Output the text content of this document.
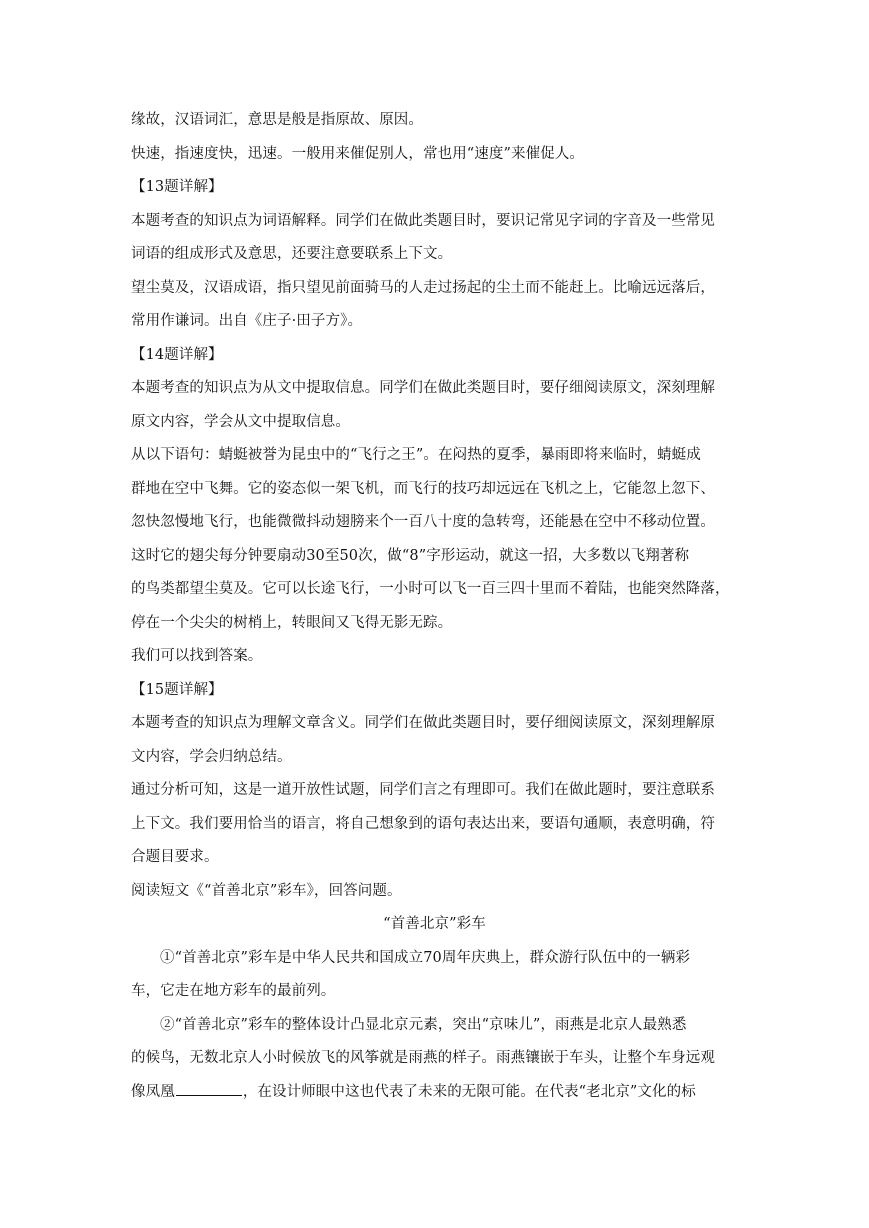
缘故，汉语词汇，意思是般是指原故、原因。
快速，指速度快，迅速。一般用来催促别人，常也用“速度”来催促人。
【13题详解】
本题考查的知识点为词语解释。同学们在做此类题目时，要识记常见字词的字音及一些常见
词语的组成形式及意思，还要注意要联系上下文。
望尘莫及，汉语成语，指只望见前面骑马的人走过扬起的尘土而不能赶上。比喻远远落后，
常用作谦词。出自《庄子·田子方》。
【14题详解】
本题考查的知识点为从文中提取信息。同学们在做此类题目时，要仔细阅读原文，深刻理解
原文内容，学会从文中提取信息。
从以下语句：蜻蜓被誉为昆虫中的“飞行之王”。在闷热的夏季，暴雨即将来临时，蜻蜓成
群地在空中飞舞。它的姿态似一架飞机，而飞行的技巧却远远在飞机之上，它能忽上忽下、
忽快忽慢地飞行，也能微微抖动翅膀来个一百八十度的急转弯，还能悬在空中不移动位置。
这时它的翅尖每分钟要扇动30至50次，做“8”字形运动，就这一招，大多数以飞翔著称
的鸟类都望尘莫及。它可以长途飞行，一小时可以飞一百三四十里而不着陆，也能突然降落，
停在一个尖尖的树梢上，转眼间又飞得无影无踪。
我们可以找到答案。
【15题详解】
本题考查的知识点为理解文章含义。同学们在做此类题目时，要仔细阅读原文，深刻理解原
文内容，学会归纳总结。
通过分析可知，这是一道开放性试题，同学们言之有理即可。我们在做此题时，要注意联系
上下文。我们要用恰当的语言，将自己想象到的语句表达出来，要语句通顺，表意明确，符
合题目要求。
阅读短文《“首善北京”彩车》，回答问题。
“首善北京”彩车
①“首善北京”彩车是中华人民共和国成立70周年庆典上，群众游行队伍中的一辆彩
车，它走在地方彩车的最前列。
②“首善北京”彩车的整体设计凸显北京元素，突出“京味儿”，雨燕是北京人最熟悉
的候鸟，无数北京人小时候放飞的风筝就是雨燕的样子。雨燕镶嵌于车头，让整个车身远观
像凤凰	，在设计师眼中这也代表了未来的无限可能。在代表“老北京”文化的标
